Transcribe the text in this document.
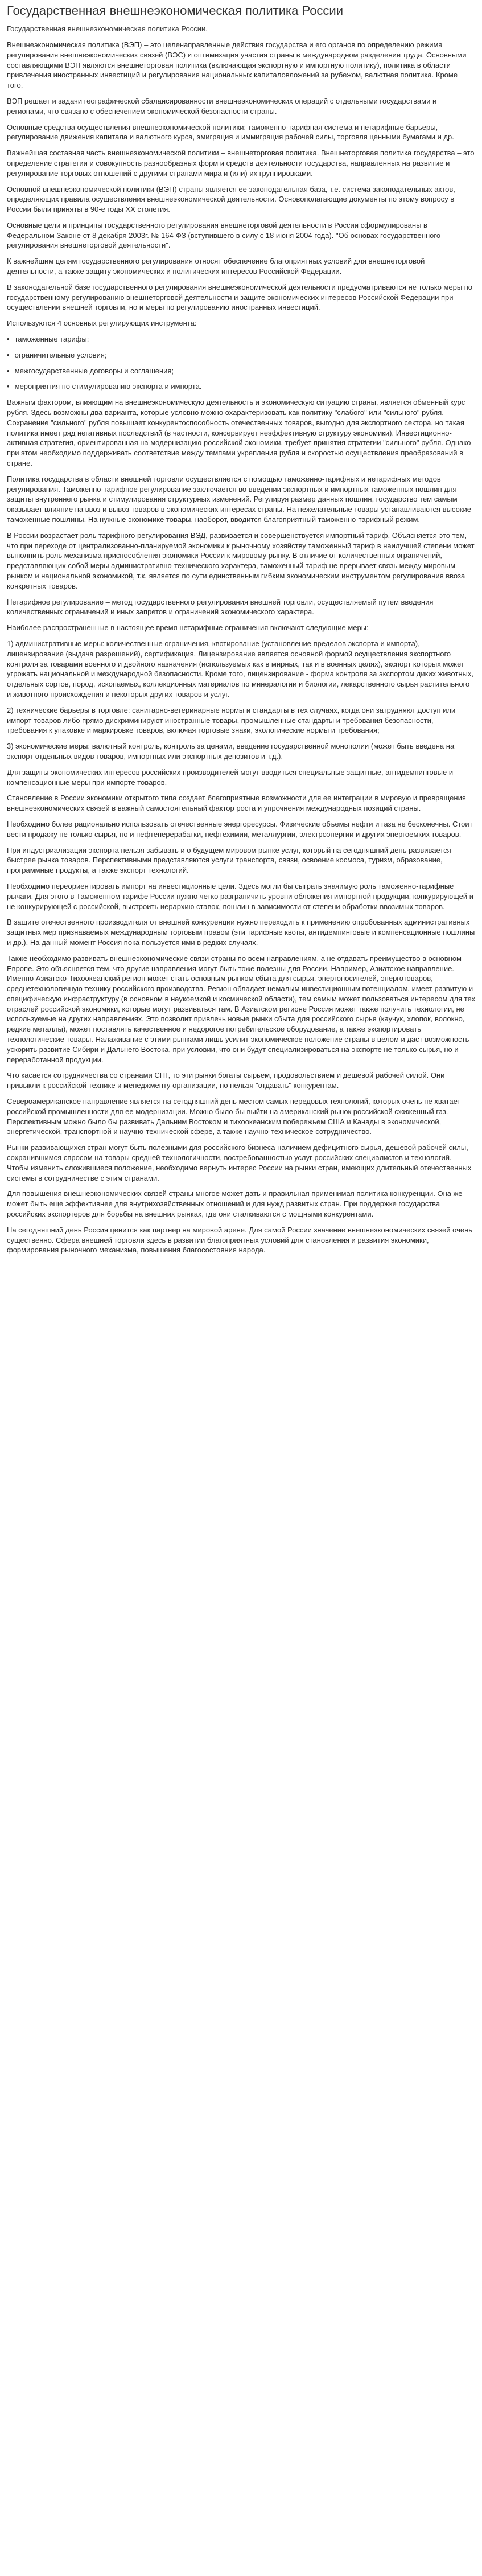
Государственная внешнеэкономическая политика России

Государственная внешнеэкономическая политика России.

Внешнеэкономическая политика (ВЭП) – это целенаправленные действия государства и его органов по определению режима регулирования внешнеэкономических связей (ВЭС) и оптимизация участия страны в международном разделении труда. Основными составляющими ВЭП являются внешнеторговая политика (включающая экспортную и импортную политику), политика в области привлечения иностранных инвестиций и регулирования национальных капиталовложений за рубежом, валютная политика. Кроме того,

ВЭП решает и задачи географической сбалансированности внешнеэкономических операций с отдельными государствами и регионами, что связано с обеспечением экономической безопасности страны.

Основные средства осуществления внешнеэкономической политики: таможенно-тарифная система и нетарифные барьеры, регулирование движения капитала и валютного курса, эмиграция и иммиграция рабочей силы, торговля ценными бумагами и др.

Важнейшая составная часть внешнеэкономической политики – внешнеторговая политика. Внешнеторговая политика государства – это определение стратегии и совокупность разнообразных форм и средств деятельности государства, направленных на развитие и регулирование торговых отношений с другими странами мира и (или) их группировками.

Основной внешнеэкономической политики (ВЭП) страны является ее законодательная база, т.е. система законодательных актов, определяющих правила осуществления внешнеэкономической деятельности. Основополагающие документы по этому вопросу в России были приняты в 90-е годы ХХ столетия.

Основные цели и принципы государственного регулирования внешнеторговой деятельности в России сформулированы в Федеральном Законе от 8 декабря 2003г. № 164-ФЗ (вступившего в силу с 18 июня 2004 года). "Об основах государственного регулирования внешнеторговой деятельности".

К важнейшим целям государственного регулирования относят обеспечение благоприятных условий для внешнеторговой деятельности, а также защиту экономических и политических интересов Российской Федерации.

В законодательной базе государственного регулирования внешнеэкономической деятельности предусматриваются не только меры по государственному регулированию внешнеторговой деятельности и защите экономических интересов Российской Федерации при осуществлении внешней торговли, но и меры по регулированию иностранных инвестиций.

Используются 4 основных регулирующих инструмента:

• таможенные тарифы;
• ограничительные условия;
• межгосударственные договоры и соглашения;
• мероприятия по стимулированию экспорта и импорта.

Важным фактором, влияющим на внешнеэкономическую деятельность и экономическую ситуацию страны, является обменный курс рубля. Здесь возможны два варианта, которые условно можно охарактеризовать как политику "слабого" или "сильного" рубля. Сохранение "сильного" рубля повышает конкурентоспособность отечественных товаров, выгодно для экспортного сектора, но такая политика имеет ряд негативных последствий (в частности, консервирует неэффективную структуру экономики). Инвестиционно-активная стратегия, ориентированная на модернизацию российской экономики, требует принятия стратегии "сильного" рубля. Однако при этом необходимо поддерживать соответствие между темпами укрепления рубля и скоростью осуществления преобразований в стране.

Политика государства в области внешней торговли осуществляется с помощью таможенно-тарифных и нетарифных методов регулирования. Таможенно-тарифное регулирование заключается во введении экспортных и импортных таможенных пошлин для защиты внутреннего рынка и стимулирования структурных изменений. Регулируя размер данных пошлин, государство тем самым оказывает влияние на ввоз и вывоз товаров в экономических интересах страны. На нежелательные товары устанавливаются высокие таможенные пошлины. На нужные экономике товары, наоборот, вводится благоприятный таможенно-тарифный режим.

В России возрастает роль тарифного регулирования ВЭД, развивается и совершенствуется импортный тариф. Объясняется это тем, что при переходе от централизованно-планируемой экономики к рыночному хозяйству таможенный тариф в наилучшей степени может выполнить роль механизма приспособления экономики России к мировому рынку. В отличие от количественных ограничений, представляющих собой меры административно-технического характера, таможенный тариф не прерывает связь между мировым рынком и национальной экономикой, т.к. является по сути единственным гибким экономическим инструментом регулирования ввоза конкретных товаров.

Нетарифное регулирование – метод государственного регулирования внешней торговли, осуществляемый путем введения количественных ограничений и иных запретов и ограничений экономического характера.

Наиболее распространенные в настоящее время нетарифные ограничения включают следующие меры:

1) административные меры: количественные ограничения, квотирование (установление пределов экспорта и импорта), лицензирование (выдача разрешений), сертификация. Лицензирование является основной формой осуществления экспортного контроля за товарами военного и двойного назначения (используемых как в мирных, так и в военных целях), экспорт которых может угрожать национальной и международной безопасности. Кроме того, лицензирование - форма контроля за экспортом диких животных, отдельных сортов, пород, ископаемых, коллекционных материалов по минералогии и биологии, лекарственного сырья растительного и животного происхождения и некоторых других товаров и услуг.

2) технические барьеры в торговле: санитарно-ветеринарные нормы и стандарты в тех случаях, когда они затрудняют доступ или импорт товаров либо прямо дискриминируют иностранные товары, промышленные стандарты и требования безопасности, требования к упаковке и маркировке товаров, включая торговые знаки, экологические нормы и требования;

3) экономические меры: валютный контроль, контроль за ценами, введение государственной монополии (может быть введена на экспорт отдельных видов товаров, импортных или экспортных депозитов и т.д.).

Для защиты экономических интересов российских производителей могут вводиться специальные защитные, антидемпинговые и компенсационные меры при импорте товаров.

Становление в России экономики открытого типа создает благоприятные возможности для ее интеграции в мировую и превращения внешнеэкономических связей в важный самостоятельный фактор роста и упрочнения международных позиций страны.

Необходимо более рационально использовать отечественные энергоресурсы. Физические объемы нефти и газа не бесконечны. Стоит вести продажу не только сырья, но и нефтеперерабатки, нефтехимии, металлургии, электроэнергии и других энергоемких товаров.

При индустриализации экспорта нельзя забывать и о будущем мировом рынке услуг, который на сегодняшний день развивается быстрее рынка товаров. Перспективными представляются услуги транспорта, связи, освоение космоса, туризм, образование, программные продукты, а также экспорт технологий.

Необходимо переориентировать импорт на инвестиционные цели. Здесь могли бы сыграть значимую роль таможенно-тарифные рычаги. Для этого в Таможенном тарифе России нужно четко разграничить уровни обложения импортной продукции, конкурирующей и не конкурирующей с российской, выстроить иерархию ставок, пошлин в зависимости от степени обработки ввозимых товаров.

В защите отечественного производителя от внешней конкуренции нужно переходить к применению опробованных административных защитных мер признаваемых международным торговым правом (эти тарифные квоты, антидемпинговые и компенсационные пошлины и др.). На данный момент Россия пока пользуется ими в редких случаях.

Также необходимо развивать внешнеэкономические связи страны по всем направлениям, а не отдавать преимущество в основном Европе. Это объясняется тем, что другие направления могут быть тоже полезны для России. Например, Азиатское направление. Именно Азиатско-Тихоокеанский регион может стать основным рынком сбыта для сырья, энергоносителей, энерготоваров, среднетехнологичную технику российского производства. Регион обладает немалым инвестиционным потенциалом, имеет развитую и специфическую инфраструктуру (в основном в наукоемкой и космической области), тем самым может пользоваться интересом для тех отраслей российской экономики, которые могут развиваться там. В Азиатском регионе Россия может также получить технологии, не используемые на других направлениях. Это позволит привлечь новые рынки сбыта для российского сырья (каучук, хлопок, волокно, редкие металлы), может поставлять качественное и недорогое потребительское оборудование, а также экспортировать технологические товары. Налаживание с этими рынками лишь усилит экономическое положение страны в целом и даст возможность ускорить развитие Сибири и Дальнего Востока, при условии, что они будут специализироваться на экспорте не только сырья, но и переработанной продукции.

Что касается сотрудничества со странами СНГ, то эти рынки богаты сырьем, продовольствием и дешевой рабочей силой. Они привыкли к российской технике и менеджменту организации, но нельзя "отдавать" конкурентам.

Североамериканское направление является на сегодняшний день местом самых передовых технологий, которых очень не хватает российской промышленности для ее модернизации. Можно было бы выйти на американский рынок российской сжиженный газ. Перспективным можно было бы развивать Дальним Востоком и тихоокеанским побережьем США и Канады в экономической, энергетической, транспортной и научно-технической сфере, а также научно-техническое сотрудничество.

Рынки развивающихся стран могут быть полезными для российского бизнеса наличием дефицитного сырья, дешевой рабочей силы, сохранившимся спросом на товары средней технологичности, востребованностью услуг российских специалистов и технологий. Чтобы изменить сложившиеся положение, необходимо вернуть интерес России на рынки стран, имеющих длительный отечественных системы в сотрудничестве с этим странами.

Для повышения внешнеэкономических связей страны многое может дать и правильная применимая политика конкуренции. Она же может быть еще эффективнее для внутрихозяйственных отношений и для нужд развитых стран. При поддержке государства российских экспортеров для борьбы на внешних рынках, где они сталкиваются с мощными конкурентами.

На сегодняшний день Россия ценится как партнер на мировой арене. Для самой России значение внешнеэкономических связей очень существенно. Сфера внешней торговли здесь в развитии благоприятных условий для становления и развития экономики, формирования рыночного механизма, повышения благосостояния народа.
